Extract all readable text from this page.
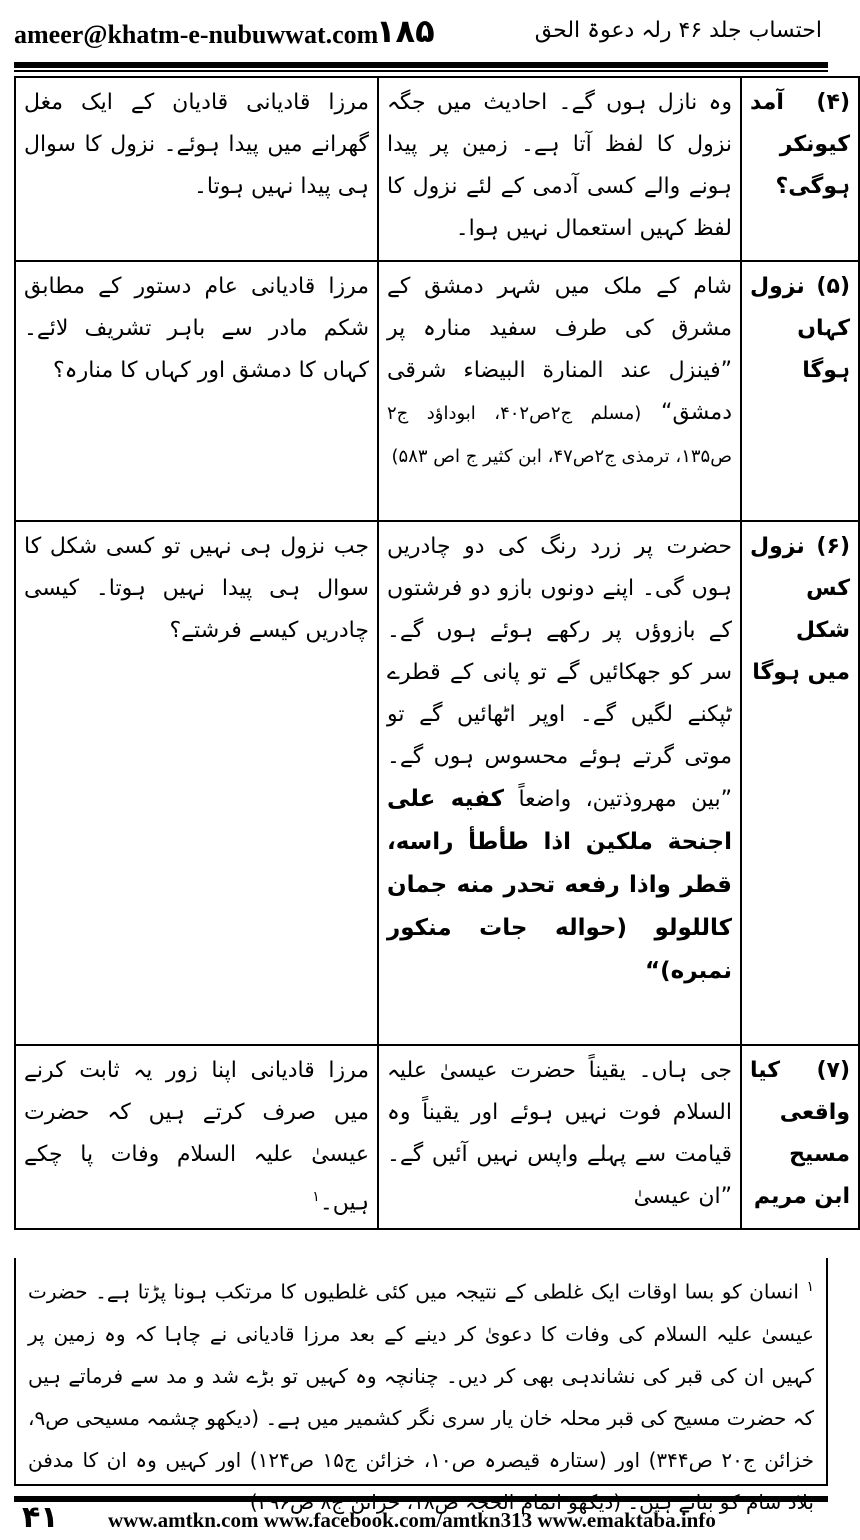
ameer@khatm-e-nubuwwat.com
۱۸۵	احتساب جلد ۴۶ رلہ دعوۃ الحق
(۴) آمد کیونکر ہوگی؟	وہ نازل ہوں گے۔ احادیث میں جگہ نزول کا لفظ آتا ہے۔ زمین پر پیدا ہونے والے کسی آدمی کے لئے نزول کا لفظ کہیں استعمال نہیں ہوا۔	مرزا قادیانی قادیان کے ایک مغل گھرانے میں پیدا ہوئے۔ نزول کا سوال ہی پیدا نہیں ہوتا۔
(۵) نزول کہاں ہوگا	شام کے ملک میں شہر دمشق کے مشرق کی طرف سفید منارہ پر ”فینزل عند المنارة البیضاء شرقی دمشق“ (مسلم ج۲ص۴۰۲، ابوداؤد ج۲ ص۱۳۵، ترمذی ج۲ص۴۷، ابن کثیر ج اص ۵۸۳)	مرزا قادیانی عام دستور کے مطابق شکم مادر سے باہر تشریف لائے۔ کہاں کا دمشق اور کہاں کا منارہ؟
(۶) نزول کس شکل میں ہوگا	حضرت پر زرد رنگ کی دو چادریں ہوں گی۔ اپنے دونوں بازو دو فرشتوں کے بازوؤں پر رکھے ہوئے ہوں گے۔ سر کو جھکائیں گے تو پانی کے قطرے ٹپکنے لگیں گے۔ اوپر اٹھائیں گے تو موتی گرتے ہوئے محسوس ہوں گے۔ ”بین مهروذتین، واضعاً کفیه علی اجنحة ملکین اذا طأطأ راسه، قطر واذا رفعه تحدر منه جمان کاللولو (حواله جات منکور نمبره)“	جب نزول ہی نہیں تو کسی شکل کا سوال ہی پیدا نہیں ہوتا۔ کیسی چادریں کیسے فرشتے؟
(۷) کیا واقعی مسیح ابن مریم	جی ہاں۔ یقیناً حضرت عیسیٰ علیہ السلام فوت نہیں ہوئے اور یقیناً وہ قیامت سے پہلے واپس نہیں آئیں گے۔ ”ان عیسیٰ	مرزا قادیانی اپنا زور یہ ثابت کرنے میں صرف کرتے ہیں کہ حضرت عیسیٰ علیہ السلام وفات پا چکے ہیں۔$^۱$
$^۱$ انسان کو بسا اوقات ایک غلطی کے نتیجہ میں کئی غلطیوں کا مرتکب ہونا پڑتا ہے۔ حضرت عیسیٰ علیہ السلام کی وفات کا دعویٰ کر دینے کے بعد مرزا قادیانی نے چاہا کہ وہ زمین پر کہیں ان کی قبر کی نشاندہی بھی کر دیں۔ چنانچہ وہ کہیں تو بڑے شد و مد سے فرماتے ہیں کہ حضرت مسیح کی قبر محلہ خان یار سری نگر کشمیر میں ہے۔ (دیکھو چشمہ مسیحی ص۹، خزائن ج۲۰ ص۳۴۴) اور (ستارہ قیصرہ ص۱۰، خزائن ج۱۵ ص۱۲۴) اور کہیں وہ ان کا مدفن
۴۱ www.amtkn.com www.facebook.com/amtkn313 www.emaktaba.info
